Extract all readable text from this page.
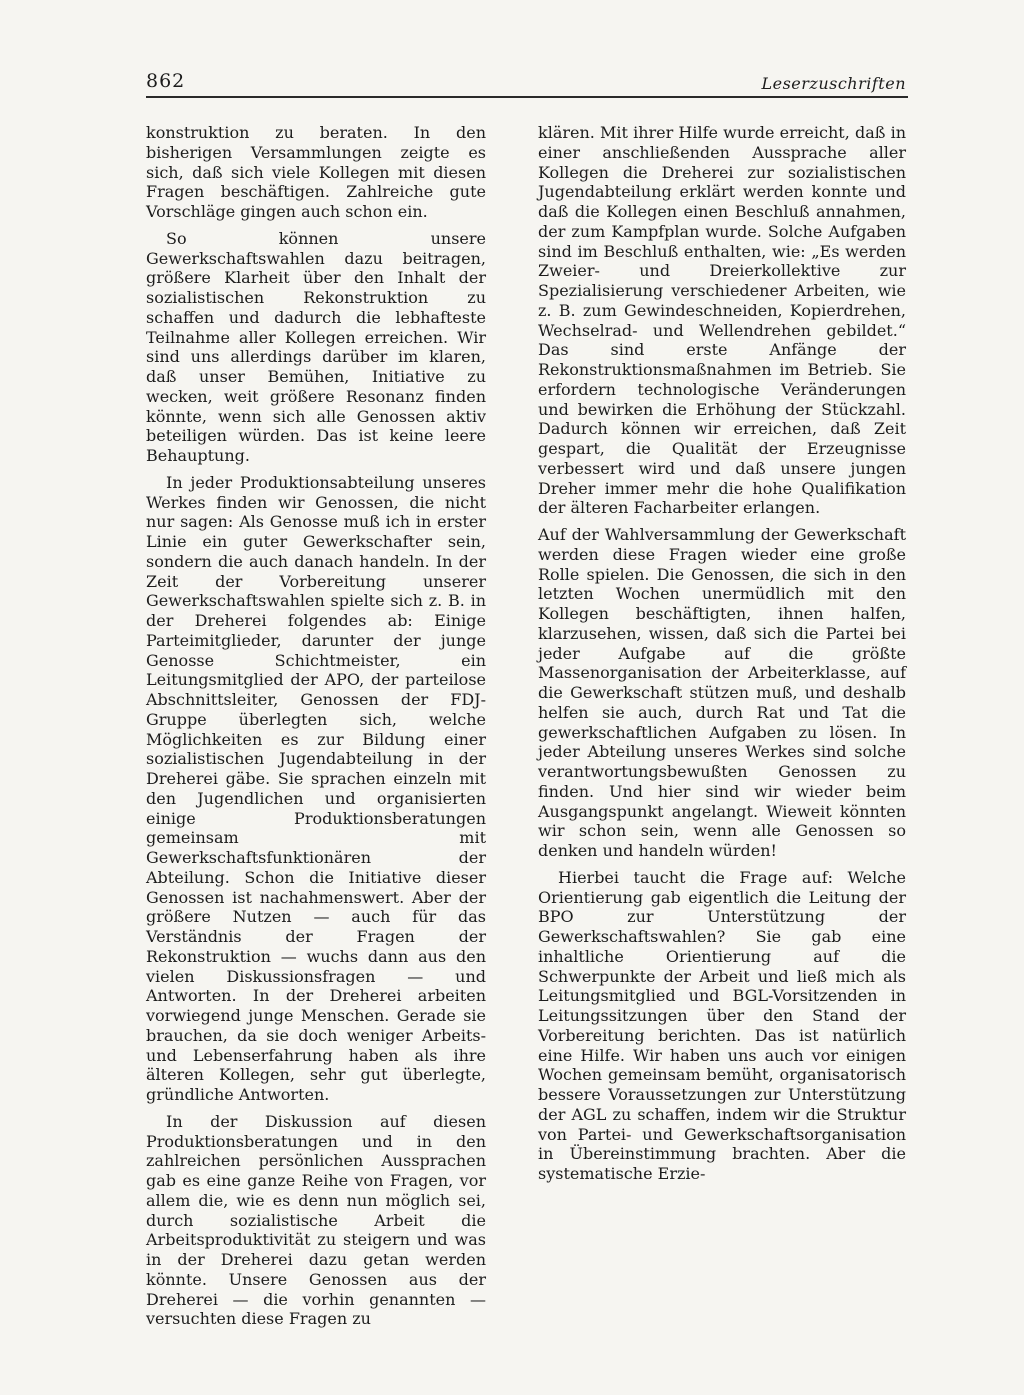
862	Leserzuschriften

konstruktion zu beraten. In den bisherigen Versammlungen zeigte es sich, daß sich viele Kollegen mit diesen Fragen beschäftigen. Zahlreiche gute Vorschläge gingen auch schon ein.

So können unsere Gewerkschaftswahlen dazu beitragen, größere Klarheit über den Inhalt der sozialistischen Rekonstruktion zu schaffen und dadurch die lebhafteste Teilnahme aller Kollegen erreichen. Wir sind uns allerdings darüber im klaren, daß unser Bemühen, Initiative zu wecken, weit größere Resonanz finden könnte, wenn sich alle Genossen aktiv beteiligen würden. Das ist keine leere Behauptung.

In jeder Produktionsabteilung unseres Werkes finden wir Genossen, die nicht nur sagen: Als Genosse muß ich in erster Linie ein guter Gewerkschafter sein, sondern die auch danach handeln. In der Zeit der Vorbereitung unserer Gewerkschaftswahlen spielte sich z. B. in der Dreherei folgendes ab: Einige Parteimitglieder, darunter der junge Genosse Schichtmeister, ein Leitungsmitglied der APO, der parteilose Abschnittsleiter, Genossen der FDJ-Gruppe überlegten sich, welche Möglichkeiten es zur Bildung einer sozialistischen Jugendabteilung in der Dreherei gäbe. Sie sprachen einzeln mit den Jugendlichen und organisierten einige Produktionsberatungen gemeinsam mit Gewerkschaftsfunktionären der Abteilung. Schon die Initiative dieser Genossen ist nachahmenswert. Aber der größere Nutzen — auch für das Verständnis der Fragen der Rekonstruktion — wuchs dann aus den vielen Diskussionsfragen — und Antworten. In der Dreherei arbeiten vorwiegend junge Menschen. Gerade sie brauchen, da sie doch weniger Arbeits- und Lebenserfahrung haben als ihre älteren Kollegen, sehr gut überlegte, gründliche Antworten.

In der Diskussion auf diesen Produktionsberatungen und in den zahlreichen persönlichen Aussprachen gab es eine ganze Reihe von Fragen, vor allem die, wie es denn nun möglich sei, durch sozialistische Arbeit die Arbeitsproduktivität zu steigern und was in der Dreherei dazu getan werden könnte. Unsere Genossen aus der Dreherei — die vorhin genannten — versuchten diese Fragen zu

klären. Mit ihrer Hilfe wurde erreicht, daß in einer anschließenden Aussprache aller Kollegen die Dreherei zur sozialistischen Jugendabteilung erklärt werden konnte und daß die Kollegen einen Beschluß annahmen, der zum Kampfplan wurde. Solche Aufgaben sind im Beschluß enthalten, wie: „Es werden Zweier- und Dreierkollektive zur Spezialisierung verschiedener Arbeiten, wie z. B. zum Gewindeschneiden, Kopierdrehen, Wechselrad- und Wellendrehen gebildet.“ Das sind erste Anfänge der Rekonstruktionsmaßnahmen im Betrieb. Sie erfordern technologische Veränderungen und bewirken die Erhöhung der Stückzahl. Dadurch können wir erreichen, daß Zeit gespart, die Qualität der Erzeugnisse verbessert wird und daß unsere jungen Dreher immer mehr die hohe Qualifikation der älteren Facharbeiter erlangen.

Auf der Wahlversammlung der Gewerkschaft werden diese Fragen wieder eine große Rolle spielen. Die Genossen, die sich in den letzten Wochen unermüdlich mit den Kollegen beschäftigten, ihnen halfen, klarzusehen, wissen, daß sich die Partei bei jeder Aufgabe auf die größte Massenorganisation der Arbeiterklasse, auf die Gewerkschaft stützen muß, und deshalb helfen sie auch, durch Rat und Tat die gewerkschaftlichen Aufgaben zu lösen. In jeder Abteilung unseres Werkes sind solche verantwortungsbewußten Genossen zu finden. Und hier sind wir wieder beim Ausgangspunkt angelangt. Wieweit könnten wir schon sein, wenn alle Genossen so denken und handeln würden!

Hierbei taucht die Frage auf: Welche Orientierung gab eigentlich die Leitung der BPO zur Unterstützung der Gewerkschaftswahlen? Sie gab eine inhaltliche Orientierung auf die Schwerpunkte der Arbeit und ließ mich als Leitungsmitglied und BGL-Vorsitzenden in Leitungssitzungen über den Stand der Vorbereitung berichten. Das ist natürlich eine Hilfe. Wir haben uns auch vor einigen Wochen gemeinsam bemüht, organisatorisch bessere Voraussetzungen zur Unterstützung der AGL zu schaffen, indem wir die Struktur von Partei- und Gewerkschaftsorganisation in Übereinstimmung brachten. Aber die systematische Erzie-
